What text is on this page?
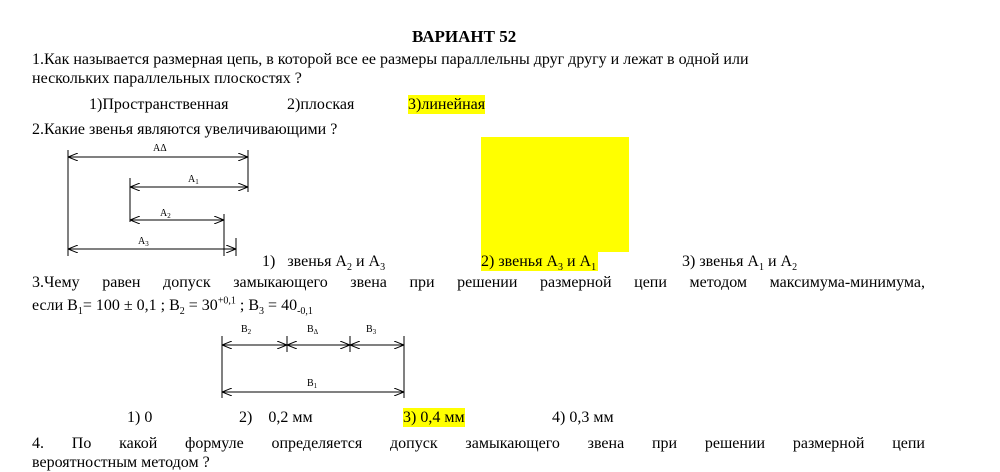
ВАРИАНТ 52
1.Как называется размерная цепь, в которой все ее размеры параллельны друг другу и лежат в одной или
нескольких параллельных плоскостях ?
1)Пространственная	2)плоская	3)линейная
2.Какие звенья являются увеличивающими ?
AΔ
$A_1$
$A_2$
$A_3$
1) звенья $A_2$ и $A_3$	2) звенья $A_3$ и $A_1$	3) звенья $A_1$ и $A_2$
3.Чему равен допуск замыкающего звена при решении размерной цепи методом максимума-минимума,
если $B_1= 100 \pm 0,1$ ; $B_2 = 30^{+0,1}$ ; $B_3 = 40_{-0,1}$
$B_2$	$B_\Delta$	$B_3$
$B_1$
1) 0	2)    0,2 мм	3) 0,4 мм	4) 0,3 мм
4.  По  какой  формуле  определяется  допуск  замыкающего  звена  при  решении  размерной  цепи
вероятностным методом ?
